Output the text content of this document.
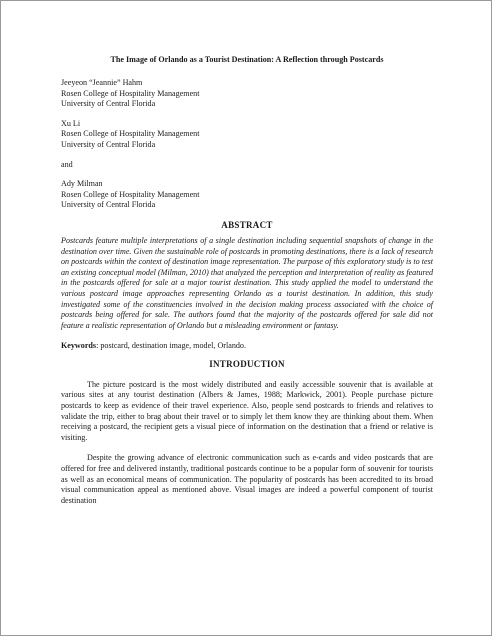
The Image of Orlando as a Tourist Destination: A Reflection through Postcards
Jeeyeon “Jeannie” Hahm
Rosen College of Hospitality Management
University of Central Florida
Xu Li
Rosen College of Hospitality Management
University of Central Florida
and
Ady Milman
Rosen College of Hospitality Management
University of Central Florida
ABSTRACT
Postcards feature multiple interpretations of a single destination including sequential snapshots of change in the destination over time. Given the sustainable role of postcards in promoting destinations, there is a lack of research on postcards within the context of destination image representation. The purpose of this exploratory study is to test an existing conceptual model (Milman, 2010) that analyzed the perception and interpretation of reality as featured in the postcards offered for sale at a major tourist destination. This study applied the model to understand the various postcard image approaches representing Orlando as a tourist destination. In addition, this study investigated some of the constituencies involved in the decision making process associated with the choice of postcards being offered for sale. The authors found that the majority of the postcards offered for sale did not feature a realistic representation of Orlando but a misleading environment or fantasy.
Keywords: postcard, destination image, model, Orlando.
INTRODUCTION
The picture postcard is the most widely distributed and easily accessible souvenir that is available at various sites at any tourist destination (Albers & James, 1988; Markwick, 2001). People purchase picture postcards to keep as evidence of their travel experience. Also, people send postcards to friends and relatives to validate the trip, either to brag about their travel or to simply let them know they are thinking about them. When receiving a postcard, the recipient gets a visual piece of information on the destination that a friend or relative is visiting.
Despite the growing advance of electronic communication such as e-cards and video postcards that are offered for free and delivered instantly, traditional postcards continue to be a popular form of souvenir for tourists as well as an economical means of communication. The popularity of postcards has been accredited to its broad visual communication appeal as mentioned above. Visual images are indeed a powerful component of tourist destination
